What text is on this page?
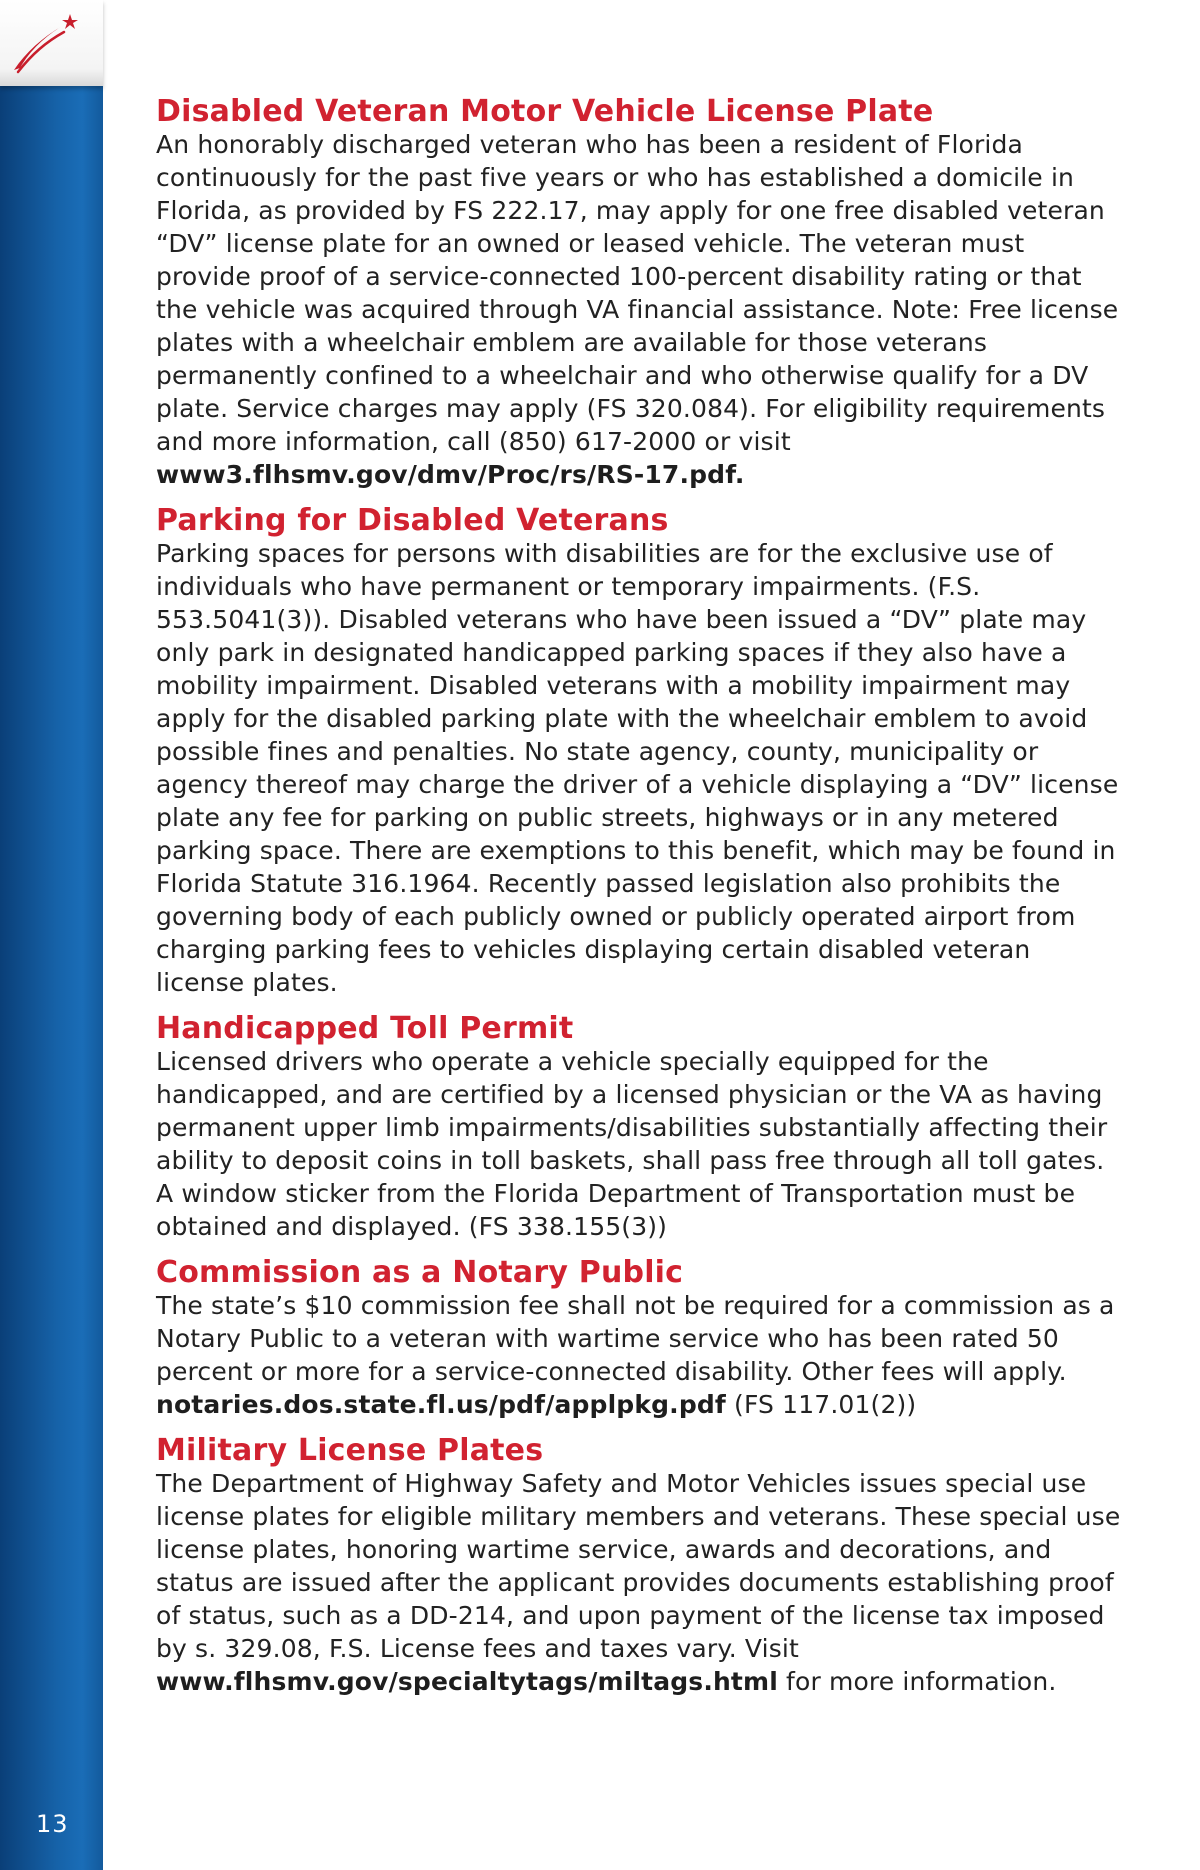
13
Disabled Veteran Motor Vehicle License Plate

An honorably discharged veteran who has been a resident of Florida continuously for the past five years or who has established a domicile in Florida, as provided by FS 222.17, may apply for one free disabled veteran “DV” license plate for an owned or leased vehicle. The veteran must provide proof of a service-connected 100-percent disability rating or that the vehicle was acquired through VA financial assistance. Note: Free license plates with a wheelchair emblem are available for those veterans permanently confined to a wheelchair and who otherwise qualify for a DV plate. Service charges may apply (FS 320.084). For eligibility requirements and more information, call (850) 617-2000 or visit www3.flhsmv.gov/dmv/Proc/rs/RS-17.pdf.

Parking for Disabled Veterans

Parking spaces for persons with disabilities are for the exclusive use of individuals who have permanent or temporary impairments. (F.S. 553.5041(3)). Disabled veterans who have been issued a “DV” plate may only park in designated handicapped parking spaces if they also have a mobility impairment. Disabled veterans with a mobility impairment may apply for the disabled parking plate with the wheelchair emblem to avoid possible fines and penalties. No state agency, county, municipality or agency thereof may charge the driver of a vehicle displaying a “DV” license plate any fee for parking on public streets, highways or in any metered parking space. There are exemptions to this benefit, which may be found in Florida Statute 316.1964. Recently passed legislation also prohibits the governing body of each publicly owned or publicly operated airport from charging parking fees to vehicles displaying certain disabled veteran license plates.

Handicapped Toll Permit

Licensed drivers who operate a vehicle specially equipped for the handicapped, and are certified by a licensed physician or the VA as having permanent upper limb impairments/disabilities substantially affecting their ability to deposit coins in toll baskets, shall pass free through all toll gates. A window sticker from the Florida Department of Transportation must be obtained and displayed. (FS 338.155(3))

Commission as a Notary Public

The state’s $10 commission fee shall not be required for a commission as a Notary Public to a veteran with wartime service who has been rated 50 percent or more for a service-connected disability. Other fees will apply. notaries.dos.state.fl.us/pdf/applpkg.pdf (FS 117.01(2))

Military License Plates

The Department of Highway Safety and Motor Vehicles issues special use license plates for eligible military members and veterans. These special use license plates, honoring wartime service, awards and decorations, and status are issued after the applicant provides documents establishing proof of status, such as a DD-214, and upon payment of the license tax imposed by s. 329.08, F.S. License fees and taxes vary. Visit www.flhsmv.gov/specialtytags/miltags.html for more information.
